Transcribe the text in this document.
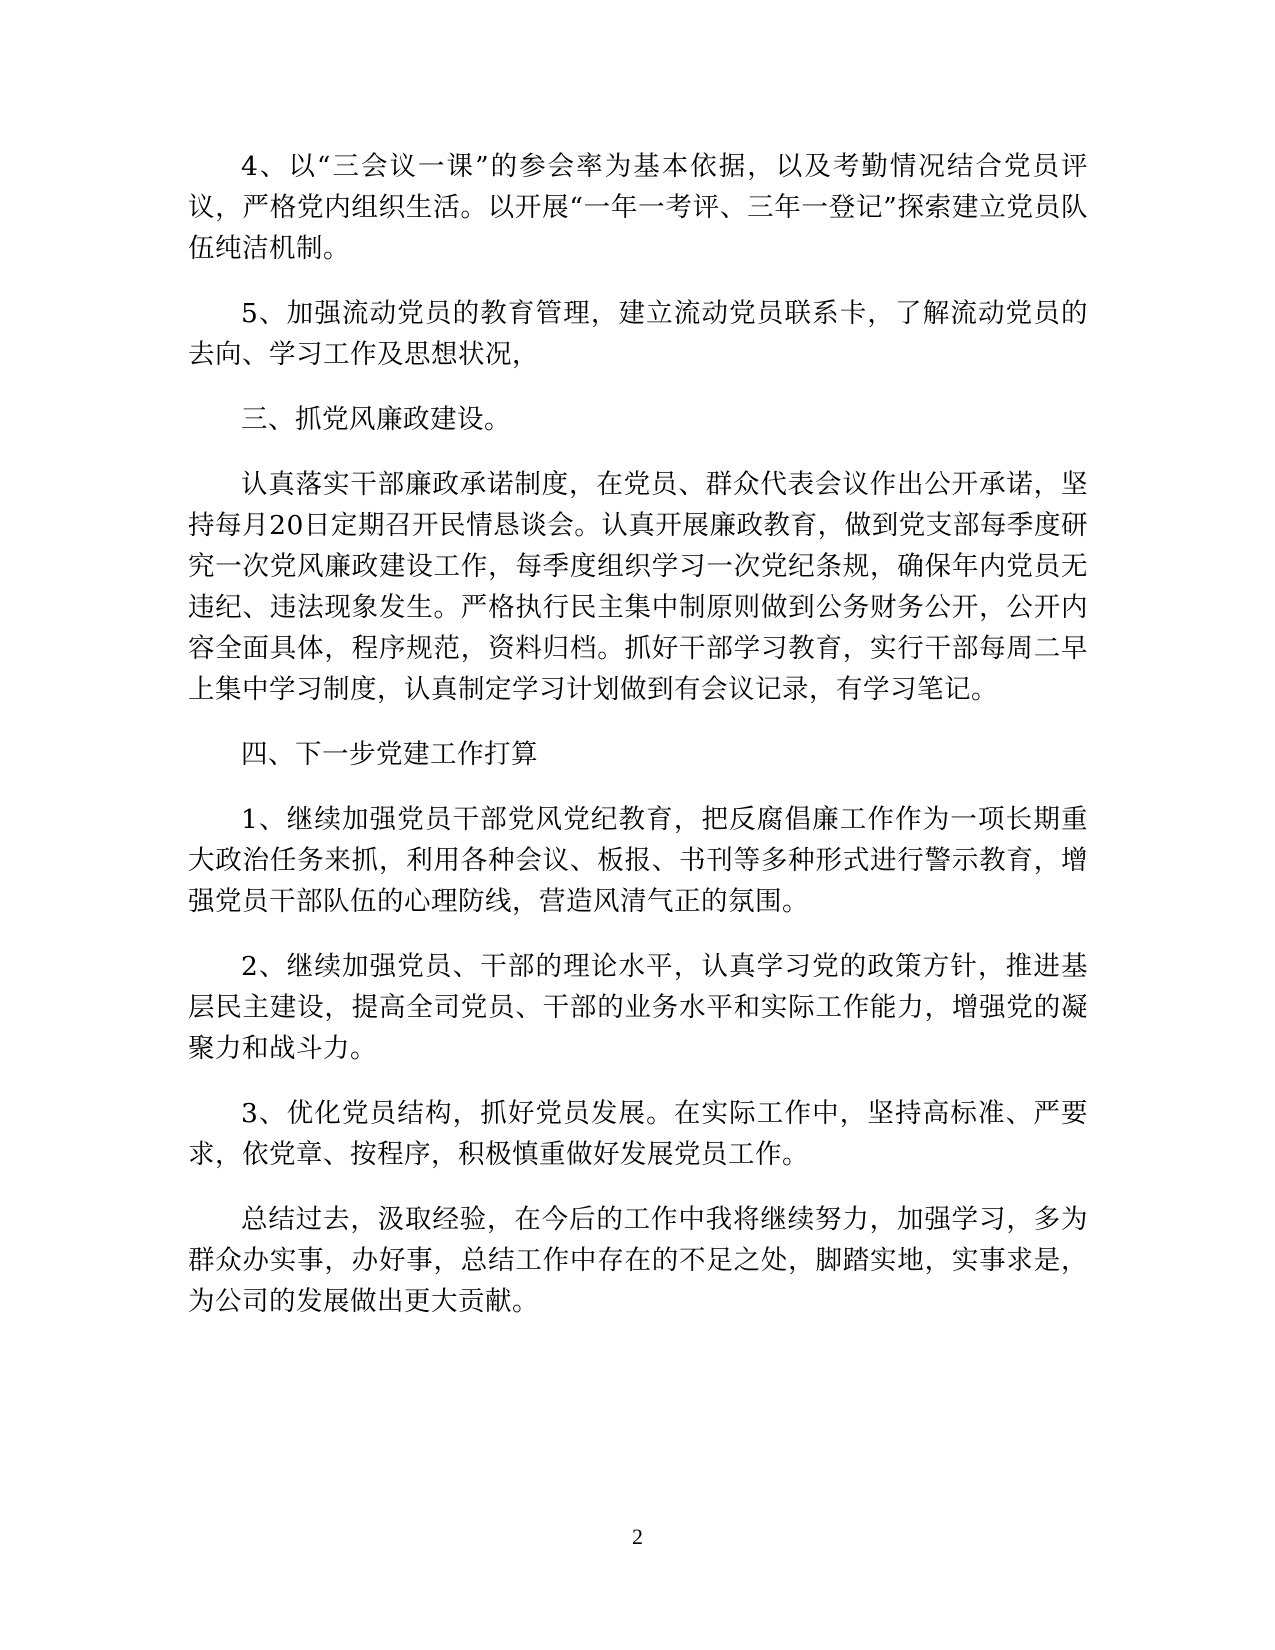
4、以“三会议一课”的参会率为基本依据，以及考勤情况结合党员评议，严格党内组织生活。以开展“一年一考评、三年一登记”探索建立党员队伍纯洁机制。

5、加强流动党员的教育管理，建立流动党员联系卡，了解流动党员的去向、学习工作及思想状况，

三、抓党风廉政建设。

认真落实干部廉政承诺制度，在党员、群众代表会议作出公开承诺，坚持每月20日定期召开民情恳谈会。认真开展廉政教育，做到党支部每季度研究一次党风廉政建设工作，每季度组织学习一次党纪条规，确保年内党员无违纪、违法现象发生。严格执行民主集中制原则做到公务财务公开，公开内容全面具体，程序规范，资料归档。抓好干部学习教育，实行干部每周二早上集中学习制度，认真制定学习计划做到有会议记录，有学习笔记。

四、下一步党建工作打算

1、继续加强党员干部党风党纪教育，把反腐倡廉工作作为一项长期重大政治任务来抓，利用各种会议、板报、书刊等多种形式进行警示教育，增强党员干部队伍的心理防线，营造风清气正的氛围。

2、继续加强党员、干部的理论水平，认真学习党的政策方针，推进基层民主建设，提高全司党员、干部的业务水平和实际工作能力，增强党的凝聚力和战斗力。

3、优化党员结构，抓好党员发展。在实际工作中，坚持高标准、严要求，依党章、按程序，积极慎重做好发展党员工作。

总结过去，汲取经验，在今后的工作中我将继续努力，加强学习，多为群众办实事，办好事，总结工作中存在的不足之处，脚踏实地，实事求是，为公司的发展做出更大贡献。

2
